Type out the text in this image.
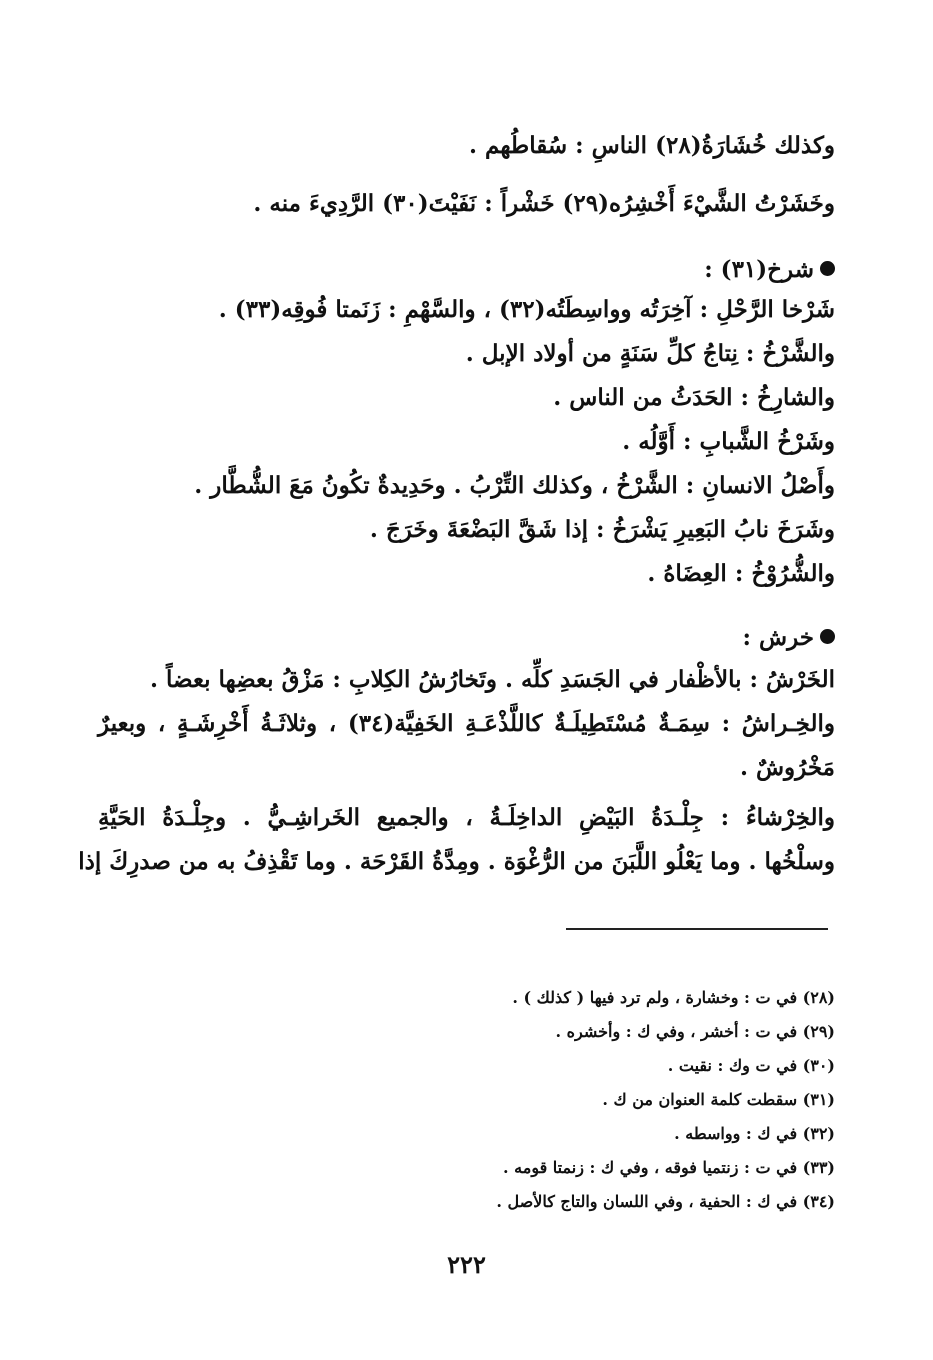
وكذلك خُشَارَةُ(٢٨) الناسِ : سُقاطُهم .
وخَشَرْتُ الشَّيْءَ أَخْشِرُه(٢٩) خَشْراً : نَفَيْتَ(٣٠) الرَّدِيءَ منه .
شرخ(٣١) :
شَرْخا الرَّحْلِ : آخِرَتُه وواسِطَتُه(٣٢) ، والسَّهْمِ : زَنَمتا فُوقِه(٣٣) .
والشَّرْخُ : نِتاجُ كلِّ سَنَةٍ من أولاد الإبل .
والشارِخُ : الحَدَثُ من الناس .
وشَرْخُ الشَّبابِ : أَوَّلُه .
وأَصْلُ الانسانِ : الشَّرْخُ ، وكذلك التِّرْبُ . وحَدِيدةٌ تكُونُ مَعَ الشُّطَّار .
وشَرَخَ نابُ البَعِيرِ يَشْرَخُ : إذا شَقَّ البَضْعَةَ وخَرَجَ .
والشُّرُوْخُ : العِضَاهُ .
خرش :
الخَرْشُ : بالأظْفار في الجَسَدِ كلِّه . وتَخارُشُ الكِلابِ : مَزْقُ بعضِها بعضاً .
والخِـراشُ : سِمَـةٌ مُسْتَطِيلَـةٌ كاللَّذْعَـةِ الخَفِيَّة(٣٤) ، وثلاثَـةُ أَخْرِشَـةٍ ، وبعيرٌ
مَخْرُوشٌ .
والخِرْشاءُ : جِلْـدَةُ البَيْضِ الداخِلَـةُ ، والجميع الخَراشِـيُّ . وجِلْـدَةُ الحَيَّةِ
وسلْخُها . وما يَعْلُو اللَّبَنَ من الرُّغْوَة . ومِدَّةُ القَرْحَة . وما تَقْذِفُ به من صدرِكَ إذا
(٢٨) في ت : وخشارة ، ولم ترد فيها ( كذلك ) .
(٢٩) في ت : أخشر ، وفي ك : وأخشره .
(٣٠) في ت وك : نقيت .
(٣١) سقطت كلمة العنوان من ك .
(٣٢) في ك : وواسطه .
(٣٣) في ت : زنتميا فوقه ، وفي ك : زنمتا قومه .
(٣٤) في ك : الحفية ، وفي اللسان والتاج كالأصل .
٢٢٢
